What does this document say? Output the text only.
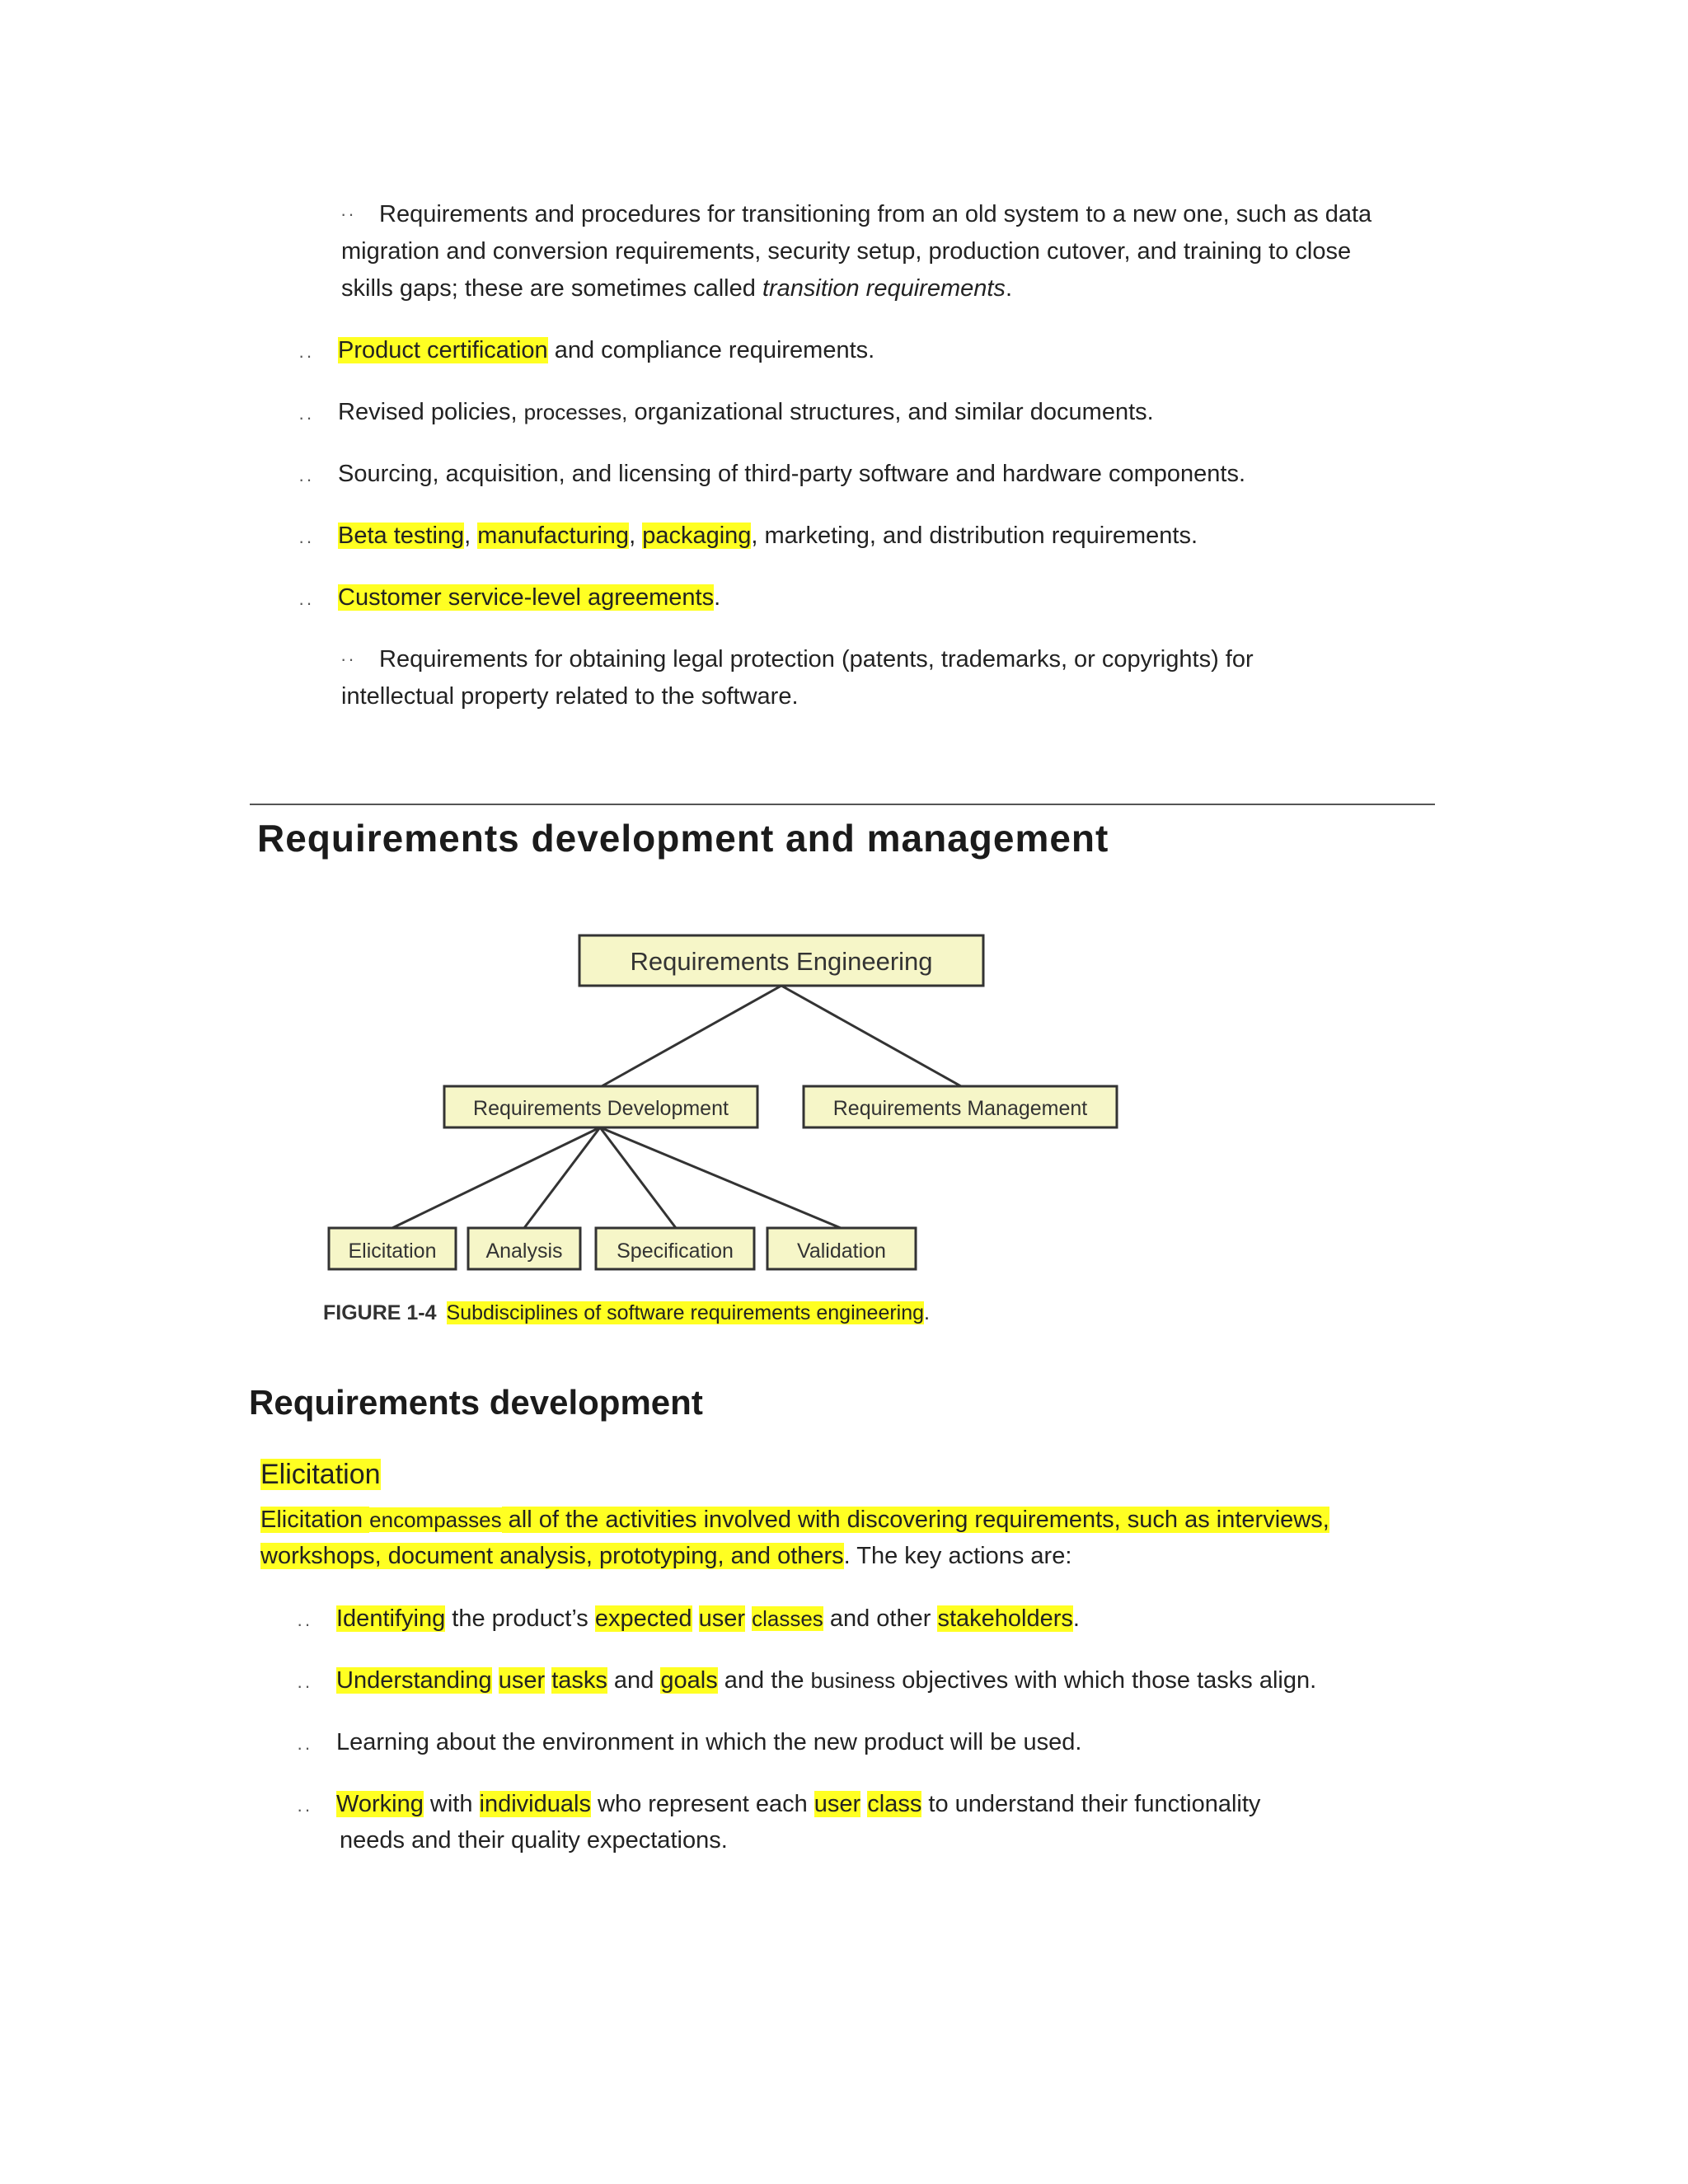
·· Requirements and procedures for transitioning from an old system to a new one, such as data
migration and conversion requirements, security setup, production cutover, and training to close
skills gaps; these are sometimes called transition requirements.
·· Product certification and compliance requirements.
·· Revised policies, processes, organizational structures, and similar documents.
·· Sourcing, acquisition, and licensing of third-party software and hardware components.
·· Beta testing, manufacturing, packaging, marketing, and distribution requirements.
·· Customer service-level agreements.
·· Requirements for obtaining legal protection (patents, trademarks, or copyrights) for
intellectual property related to the software.
Requirements development and management
Requirements Engineering
Requirements Development	Requirements Management
Elicitation Analysis	Specification	Validation
FIGURE 1-4 Subdisciplines of software requirements engineering.
Requirements development
Elicitation
Elicitation encompasses all of the activities involved with discovering requirements, such as interviews,
workshops, document analysis, prototyping, and others. The key actions are:
·· Identifying the product’s expected user classes and other stakeholders.
·· Understanding user tasks and goals and the business objectives with which those tasks align.
·· Learning about the environment in which the new product will be used.
·· Working with individuals who represent each user class to understand their functionality
needs and their quality expectations.
